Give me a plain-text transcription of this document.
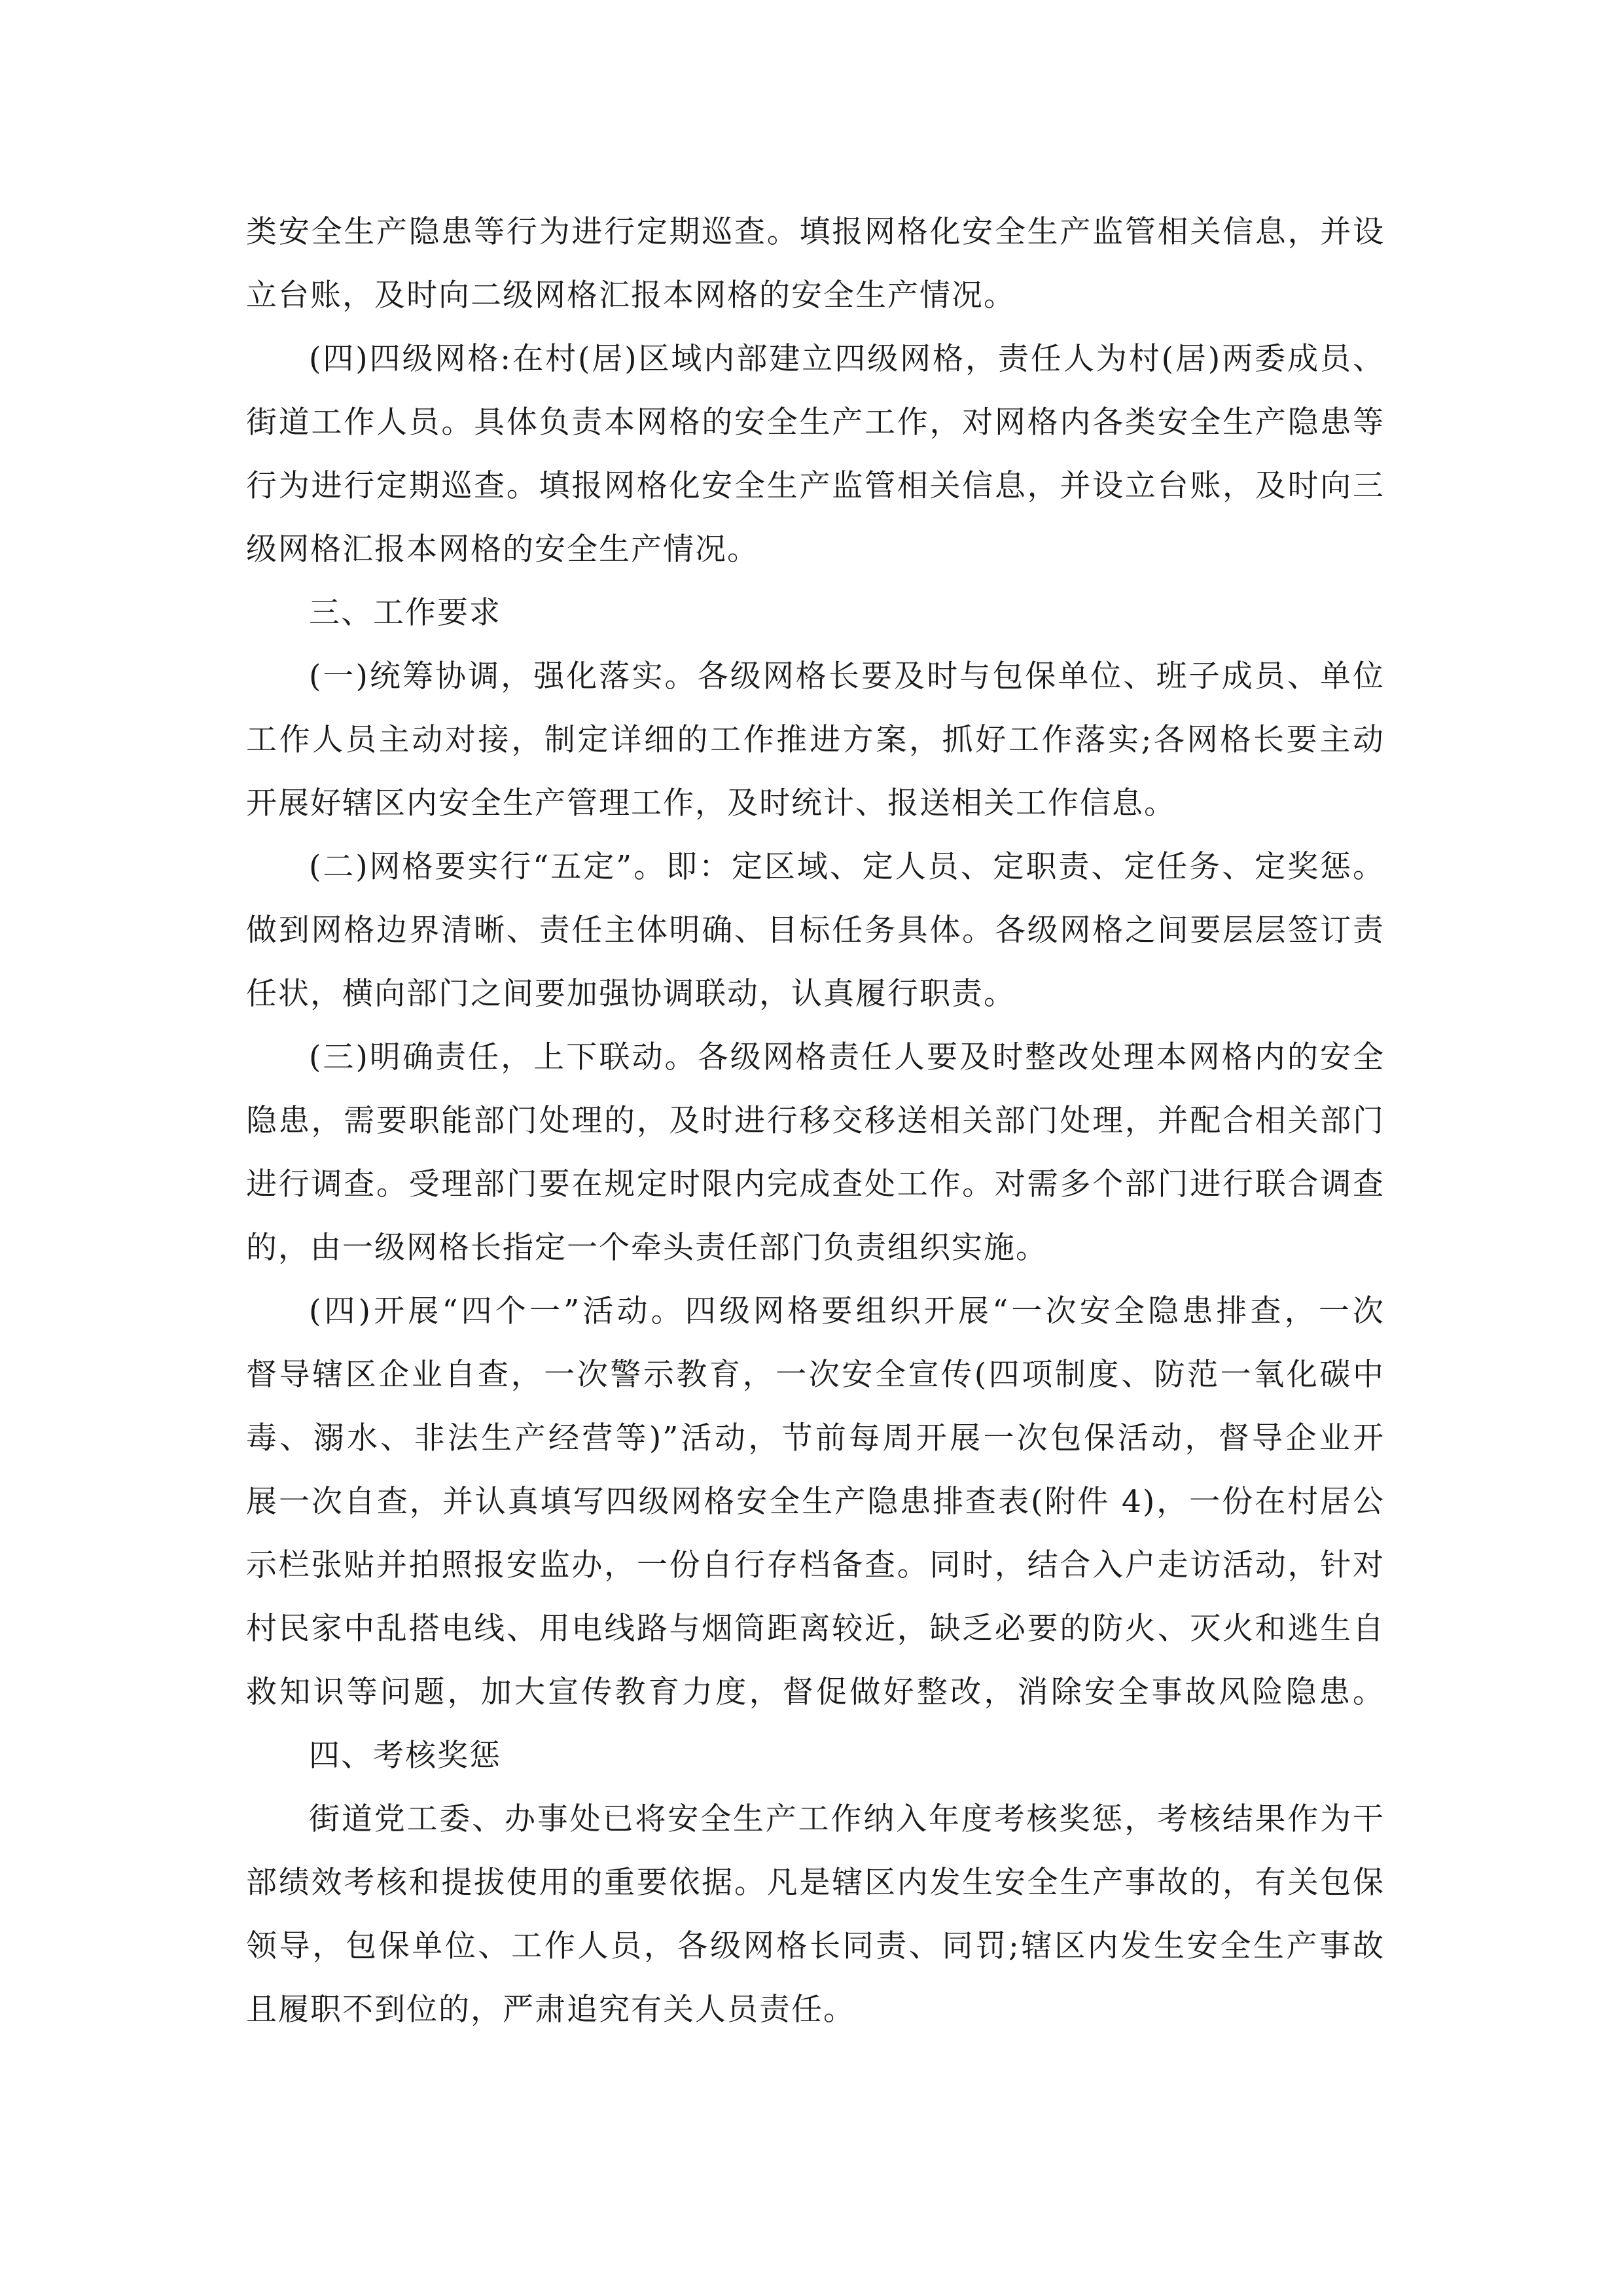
类安全生产隐患等行为进行定期巡查。填报网格化安全生产监管相关信息，并设
立台账，及时向二级网格汇报本网格的安全生产情况。
(四)四级网格:在村(居)区域内部建立四级网格，责任人为村(居)两委成员、
街道工作人员。具体负责本网格的安全生产工作，对网格内各类安全生产隐患等
行为进行定期巡查。填报网格化安全生产监管相关信息，并设立台账，及时向三
级网格汇报本网格的安全生产情况。
三、工作要求
(一)统筹协调，强化落实。各级网格长要及时与包保单位、班子成员、单位
工作人员主动对接，制定详细的工作推进方案，抓好工作落实;各网格长要主动
开展好辖区内安全生产管理工作，及时统计、报送相关工作信息。
(二)网格要实行“五定”。即：定区域、定人员、定职责、定任务、定奖惩。
做到网格边界清晰、责任主体明确、目标任务具体。各级网格之间要层层签订责
任状，横向部门之间要加强协调联动，认真履行职责。
(三)明确责任，上下联动。各级网格责任人要及时整改处理本网格内的安全
隐患，需要职能部门处理的，及时进行移交移送相关部门处理，并配合相关部门
进行调查。受理部门要在规定时限内完成查处工作。对需多个部门进行联合调查
的，由一级网格长指定一个牵头责任部门负责组织实施。
(四)开展“四个一”活动。四级网格要组织开展“一次安全隐患排查，一次
督导辖区企业自查，一次警示教育，一次安全宣传(四项制度、防范一氧化碳中
毒、溺水、非法生产经营等)”活动，节前每周开展一次包保活动，督导企业开
展一次自查，并认真填写四级网格安全生产隐患排查表(附件 4)，一份在村居公
示栏张贴并拍照报安监办，一份自行存档备查。同时，结合入户走访活动，针对
村民家中乱搭电线、用电线路与烟筒距离较近，缺乏必要的防火、灭火和逃生自
救知识等问题，加大宣传教育力度，督促做好整改，消除安全事故风险隐患。
四、考核奖惩
街道党工委、办事处已将安全生产工作纳入年度考核奖惩，考核结果作为干
部绩效考核和提拔使用的重要依据。凡是辖区内发生安全生产事故的，有关包保
领导，包保单位、工作人员，各级网格长同责、同罚;辖区内发生安全生产事故
且履职不到位的，严肃追究有关人员责任。
